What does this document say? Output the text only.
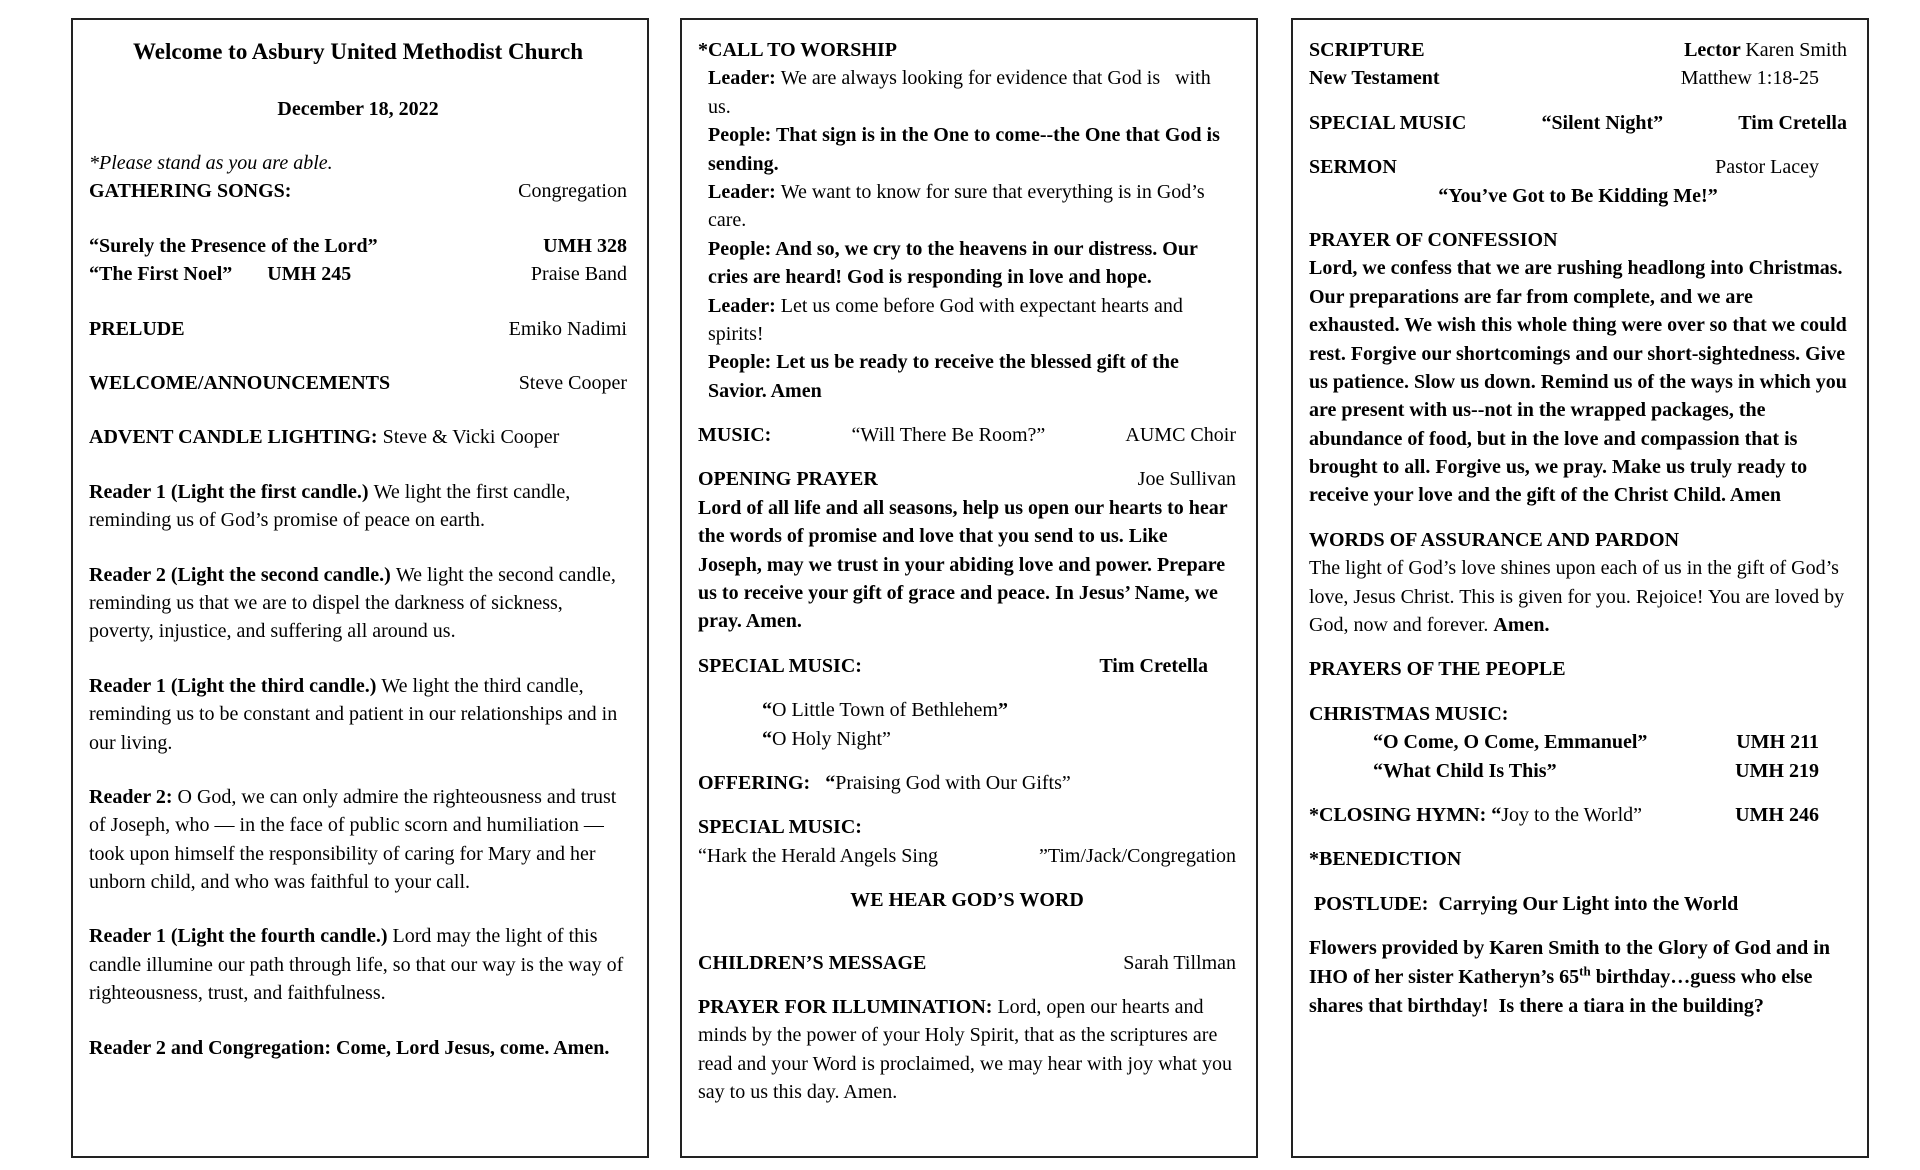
Welcome to Asbury United Methodist Church
December 18, 2022
*Please stand as you are able.
GATHERING SONGS:	Congregation
“Surely the Presence of the Lord”	UMH 328
“The First Noel”       UMH 245	Praise Band
PRELUDE	Emiko Nadimi
WELCOME/ANNOUNCEMENTS	Steve Cooper
ADVENT CANDLE LIGHTING: Steve & Vicki Cooper
Reader 1 (Light the first candle.) We light the first candle, reminding us of God’s promise of peace on earth.
Reader 2 (Light the second candle.) We light the second candle, reminding us that we are to dispel the darkness of sickness, poverty, injustice, and suffering all around us.
Reader 1 (Light the third candle.) We light the third candle, reminding us to be constant and patient in our relationships and in our living.
Reader 2: O God, we can only admire the righteousness and trust of Joseph, who — in the face of public scorn and humiliation — took upon himself the responsibility of caring for Mary and her unborn child, and who was faithful to your call.
Reader 1 (Light the fourth candle.) Lord may the light of this candle illumine our path through life, so that our way is the way of righteousness, trust, and faithfulness.
Reader 2 and Congregation: Come, Lord Jesus, come. Amen.
*CALL TO WORSHIP
Leader: We are always looking for evidence that God is   with us.
People: That sign is in the One to come--the One that God is sending.
Leader: We want to know for sure that everything is in God’s care.
People: And so, we cry to the heavens in our distress. Our cries are heard! God is responding in love and hope.
Leader: Let us come before God with expectant hearts and spirits!
People: Let us be ready to receive the blessed gift of the Savior. Amen
MUSIC:	“Will There Be Room?”	AUMC Choir
OPENING PRAYER	Joe Sullivan
Lord of all life and all seasons, help us open our hearts to hear the words of promise and love that you send to us. Like Joseph, may we trust in your abiding love and power. Prepare us to receive your gift of grace and peace. In Jesus’ Name, we pray. Amen.
SPECIAL MUSIC:	Tim Cretella
“O Little Town of Bethlehem”
“O Holy Night”
OFFERING:   “Praising God with Our Gifts”
SPECIAL MUSIC:
“Hark the Herald Angels Sing	”Tim/Jack/Congregation
WE HEAR GOD’S WORD
CHILDREN’S MESSAGE	Sarah Tillman
PRAYER FOR ILLUMINATION: Lord, open our hearts and minds by the power of your Holy Spirit, that as the scriptures are read and your Word is proclaimed, we may hear with joy what you say to us this day. Amen.
SCRIPTURE	Lector Karen Smith
New Testament	Matthew 1:18-25
SPECIAL MUSIC	“Silent Night”	Tim Cretella
SERMON	Pastor Lacey
“You’ve Got to Be Kidding Me!”
PRAYER OF CONFESSION
Lord, we confess that we are rushing headlong into Christmas. Our preparations are far from complete, and we are exhausted. We wish this whole thing were over so that we could rest. Forgive our shortcomings and our short-sightedness. Give us patience. Slow us down. Remind us of the ways in which you are present with us--not in the wrapped packages, the abundance of food, but in the love and compassion that is brought to all. Forgive us, we pray. Make us truly ready to receive your love and the gift of the Christ Child. Amen
WORDS OF ASSURANCE AND PARDON
The light of God’s love shines upon each of us in the gift of God’s love, Jesus Christ. This is given for you. Rejoice! You are loved by God, now and forever. Amen.
PRAYERS OF THE PEOPLE
CHRISTMAS MUSIC:
“O Come, O Come, Emmanuel”	UMH 211
“What Child Is This”	UMH 219
*CLOSING HYMN: “Joy to the World”	UMH 246
*BENEDICTION
POSTLUDE:  Carrying Our Light into the World
Flowers provided by Karen Smith to the Glory of God and in IHO of her sister Katheryn’s 65th birthday…guess who else shares that birthday!  Is there a tiara in the building?
